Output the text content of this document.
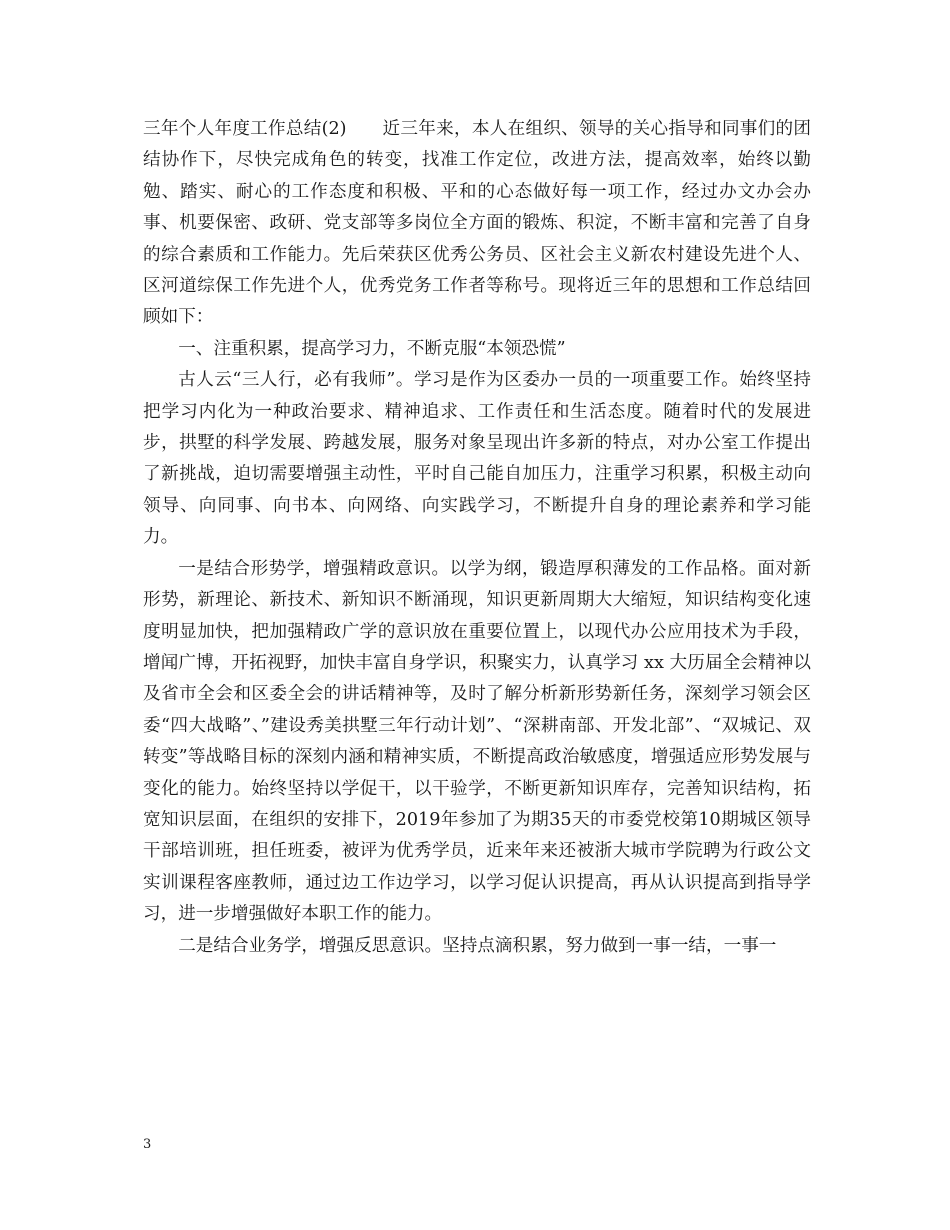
三年个人年度工作总结(2)　　近三年来，本人在组织、领导的关心指导和同事们的团结协作下，尽快完成角色的转变，找准工作定位，改进方法，提高效率，始终以勤勉、踏实、耐心的工作态度和积极、平和的心态做好每一项工作，经过办文办会办事、机要保密、政研、党支部等多岗位全方面的锻炼、积淀，不断丰富和完善了自身的综合素质和工作能力。先后荣获区优秀公务员、区社会主义新农村建设先进个人、区河道综保工作先进个人，优秀党务工作者等称号。现将近三年的思想和工作总结回顾如下：

一、注重积累，提高学习力，不断克服“本领恐慌”

古人云“三人行，必有我师”。学习是作为区委办一员的一项重要工作。始终坚持把学习内化为一种政治要求、精神追求、工作责任和生活态度。随着时代的发展进步，拱墅的科学发展、跨越发展，服务对象呈现出许多新的特点，对办公室工作提出了新挑战，迫切需要增强主动性，平时自己能自加压力，注重学习积累，积极主动向领导、向同事、向书本、向网络、向实践学习，不断提升自身的理论素养和学习能力。

一是结合形势学，增强精政意识。以学为纲，锻造厚积薄发的工作品格。面对新形势，新理论、新技术、新知识不断涌现，知识更新周期大大缩短，知识结构变化速度明显加快，把加强精政广学的意识放在重要位置上，以现代办公应用技术为手段，增闻广博，开拓视野，加快丰富自身学识，积聚实力，认真学习 xx 大历届全会精神以及省市全会和区委全会的讲话精神等，及时了解分析新形势新任务，深刻学习领会区委“四大战略”、”建设秀美拱墅三年行动计划”、“深耕南部、开发北部”、“双城记、双转变”等战略目标的深刻内涵和精神实质，不断提高政治敏感度，增强适应形势发展与变化的能力。始终坚持以学促干，以干验学，不断更新知识库存，完善知识结构，拓宽知识层面，在组织的安排下，2019年参加了为期35天的市委党校第10期城区领导干部培训班，担任班委，被评为优秀学员，近来年来还被浙大城市学院聘为行政公文实训课程客座教师，通过边工作边学习，以学习促认识提高，再从认识提高到指导学习，进一步增强做好本职工作的能力。

二是结合业务学，增强反思意识。坚持点滴积累，努力做到一事一结，一事一

3
